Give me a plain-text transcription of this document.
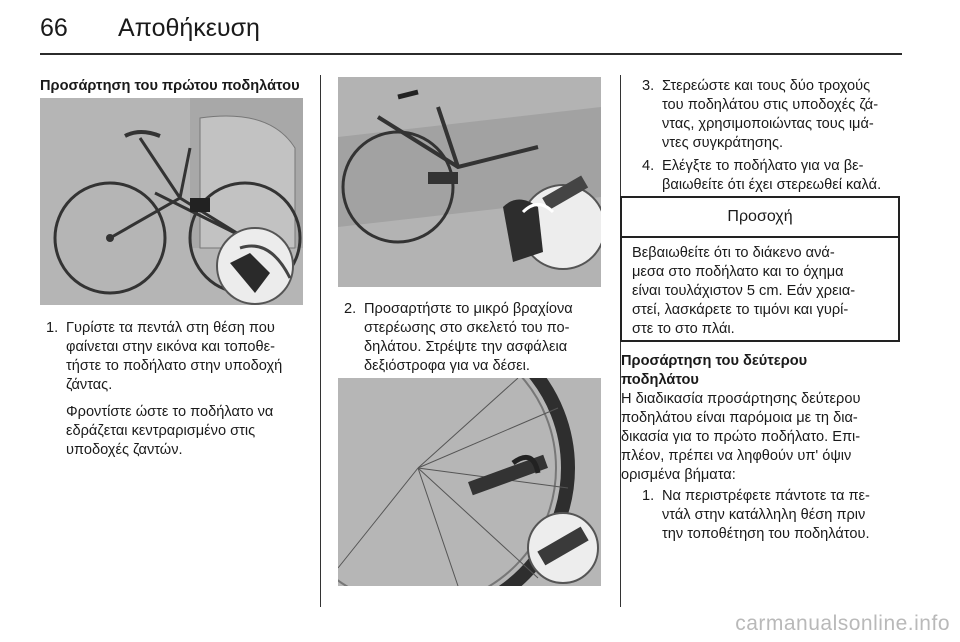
66 Αποθήκευση
Προσάρτηση του πρώτου ποδηλάτου
1. Γυρίστε τα πεντάλ στη θέση που
φαίνεται στην εικόνα και τοποθε‐
τήστε το ποδήλατο στην υποδοχή
ζάντας.
Φροντίστε ώστε το ποδήλατο να
εδράζεται κεντραρισμένο στις
υποδοχές ζαντών.
2. Προσαρτήστε το μικρό βραχίονα
στερέωσης στο σκελετό του πο‐
δηλάτου. Στρέψτε την ασφάλεια
δεξιόστροφα για να δέσει.
3. Στερεώστε και τους δύο τροχούς
του ποδηλάτου στις υποδοχές ζά‐
ντας, χρησιμοποιώντας τους ιμά‐
ντες συγκράτησης.
4. Ελέγξτε το ποδήλατο για να βε‐
βαιωθείτε ότι έχει στερεωθεί καλά.
Προσοχή
Βεβαιωθείτε ότι το διάκενο ανά‐
μεσα στο ποδήλατο και το όχημα
είναι τουλάχιστον 5 cm. Εάν χρεια‐
στεί, λασκάρετε το τιμόνι και γυρί‐
στε το στο πλάι.
Προσάρτηση του δεύτερου
ποδηλάτου
Η διαδικασία προσάρτησης δεύτερου
ποδηλάτου είναι παρόμοια με τη δια‐
δικασία για το πρώτο ποδήλατο. Επι‐
πλέον, πρέπει να ληφθούν υπ' όψιν
ορισμένα βήματα:
1. Να περιστρέφετε πάντοτε τα πε‐
ντάλ στην κατάλληλη θέση πριν
την τοποθέτηση του ποδηλάτου.
carmanualsonline.info
